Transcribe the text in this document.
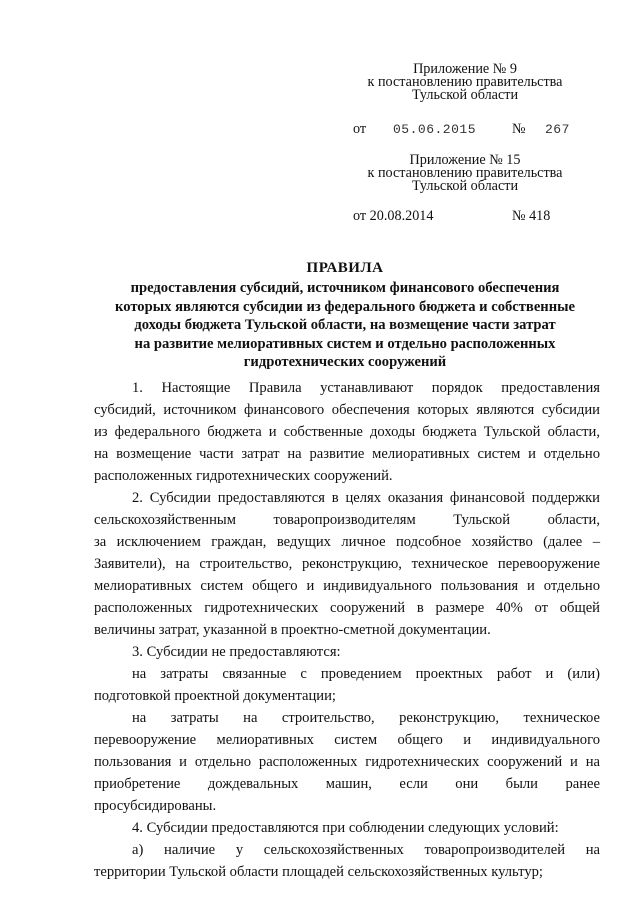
Приложение № 9
к постановлению правительства
Тульской области
от 05.06.2015	№ 267
Приложение № 15
к постановлению правительства
Тульской области
от 20.08.2014	№ 418
ПРАВИЛА
предоставления субсидий, источником финансового обеспечения
которых являются субсидии из федерального бюджета и собственные
доходы бюджета Тульской области, на возмещение части затрат
на развитие мелиоративных систем и отдельно расположенных
гидротехнических сооружений
1. Настоящие Правила устанавливают порядок предоставления
субсидий, источником финансового обеспечения которых являются субсидии
из федерального бюджета и собственные доходы бюджета Тульской области,
на возмещение части затрат на развитие мелиоративных систем и отдельно
расположенных гидротехнических сооружений.
2. Субсидии предоставляются в целях оказания финансовой поддержки
сельскохозяйственным товаропроизводителям Тульской области,
за исключением граждан, ведущих личное подсобное хозяйство (далее –
Заявители), на строительство, реконструкцию, техническое перевооружение
мелиоративных систем общего и индивидуального пользования и отдельно
расположенных гидротехнических сооружений в размере 40% от общей
величины затрат, указанной в проектно-сметной документации.
3. Субсидии не предоставляются:
на затраты связанные с проведением проектных работ и (или)
подготовкой проектной документации;
на затраты на строительство, реконструкцию, техническое
перевооружение мелиоративных систем общего и индивидуального
пользования и отдельно расположенных гидротехнических сооружений и на
приобретение дождевальных машин, если они были ранее
просубсидированы.
4. Субсидии предоставляются при соблюдении следующих условий:
а) наличие у сельскохозяйственных товаропроизводителей на
территории Тульской области площадей сельскохозяйственных культур;
